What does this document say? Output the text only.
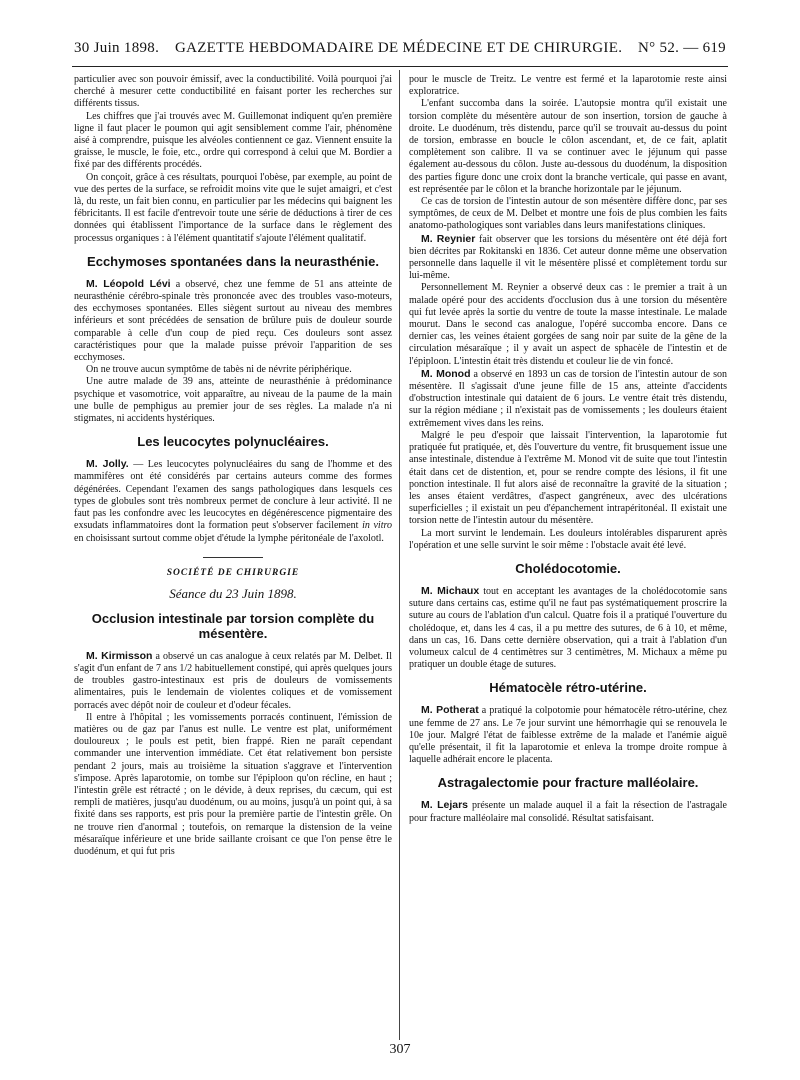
30 Juin 1898. GAZETTE HEBDOMADAIRE DE MÉDECINE ET DE CHIRURGIE. N° 52. — 619

particulier avec son pouvoir émissif, avec la conductibilité. Voilà pourquoi j'ai cherché à mesurer cette conductibilité en faisant porter les recherches sur différents tissus.

Les chiffres que j'ai trouvés avec M. Guillemonat indiquent qu'en première ligne il faut placer le poumon qui agit sensiblement comme l'air, phénomène aisé à comprendre, puisque les alvéoles contiennent ce gaz. Viennent ensuite la graisse, le muscle, le foie, etc., ordre qui correspond à celui que M. Bordier a fixé par des différents procédés.

On conçoit, grâce à ces résultats, pourquoi l'obèse, par exemple, au point de vue des pertes de la surface, se refroidit moins vite que le sujet amaigri, et c'est là, du reste, un fait bien connu, en particulier par les médecins qui baignent les fébricitants. Il est facile d'entrevoir toute une série de déductions à tirer de ces données qui établissent l'importance de la surface dans le règlement des processus organiques : à l'élément quantitatif s'ajoute l'élément qualitatif.

Ecchymoses spontanées dans la neurasthénie.

M. Léopold Lévi a observé, chez une femme de 51 ans atteinte de neurasthénie cérébro-spinale très prononcée avec des troubles vaso-moteurs, des ecchymoses spontanées. Elles siègent surtout au niveau des membres inférieurs et sont précédées de sensation de brûlure puis de douleur sourde comparable à celle d'un coup de pied reçu. Ces douleurs sont assez caractéristiques pour que la malade puisse prévoir l'apparition de ses ecchymoses.

On ne trouve aucun symptôme de tabès ni de névrite périphérique.

Une autre malade de 39 ans, atteinte de neurasthénie à prédominance psychique et vasomotrice, voit apparaître, au niveau de la paume de la main une bulle de pemphigus au premier jour de ses règles. La malade n'a ni stigmates, ni accidents hystériques.

Les leucocytes polynucléaires.

M. Jolly. — Les leucocytes polynucléaires du sang de l'homme et des mammifères ont été considérés par certains auteurs comme des formes dégénérées. Cependant l'examen des sangs pathologiques dans lesquels ces types de globules sont très nombreux permet de conclure à leur activité. Il ne faut pas les confondre avec les leucocytes en dégénérescence pigmentaire des exsudats inflammatoires dont la formation peut s'observer facilement in vitro en choisissant surtout comme objet d'étude la lymphe péritonéale de l'axolotl.

SOCIÉTÉ DE CHIRURGIE
Séance du 23 Juin 1898.
Occlusion intestinale par torsion complète du mésentère.

M. Kirmisson a observé un cas analogue à ceux relatés par M. Delbet. Il s'agit d'un enfant de 7 ans 1/2 habituellement constipé, qui après quelques jours de troubles gastro-intestinaux est pris de douleurs de vomissements alimentaires, puis le lendemain de violentes coliques et de vomissement porracés avec dépôt noir de couleur et d'odeur fécales.

Il entre à l'hôpital ; les vomissements porracés continuent, l'émission de matières ou de gaz par l'anus est nulle. Le ventre est plat, uniformément douloureux ; le pouls est petit, bien frappé. Rien ne paraît cependant commander une intervention immédiate. Cet état relativement bon persiste pendant 2 jours, mais au troisième la situation s'aggrave et l'intervention s'impose. Après laparotomie, on tombe sur l'épiploon qu'on récline, en haut ; l'intestin grêle est rétracté ; on le dévide, à deux reprises, du cæcum, qui est rempli de matières, jusqu'au duodénum, ou au moins, jusqu'à un point qui, à sa fixité dans ses rapports, est pris pour la première partie de l'intestin grêle. On ne trouve rien d'anormal ; toutefois, on remarque la distension de la veine mésaraïque inférieure et une bride saillante croisant ce que l'on pense être le duodénum, et qui fut pris

pour le muscle de Treitz. Le ventre est fermé et la laparotomie reste ainsi exploratrice.

L'enfant succomba dans la soirée. L'autopsie montra qu'il existait une torsion complète du mésentère autour de son insertion, torsion de gauche à droite. Le duodénum, très distendu, parce qu'il se trouvait au-dessus du point de torsion, embrasse en boucle le côlon ascendant, et, de ce fait, aplatit complètement son calibre. Il va se continuer avec le jéjunum qui passe également au-dessous du côlon. Juste au-dessous du duodénum, la disposition des parties figure donc une croix dont la branche verticale, qui passe en avant, est représentée par le côlon et la branche horizontale par le jéjunum.

Ce cas de torsion de l'intestin autour de son mésentère diffère donc, par ses symptômes, de ceux de M. Delbet et montre une fois de plus combien les faits anatomo-pathologiques sont variables dans leurs manifestations cliniques.

M. Reynier fait observer que les torsions du mésentère ont été déjà fort bien décrites par Rokitanski en 1836. Cet auteur donne même une observation personnelle dans laquelle il vit le mésentère plissé et complètement tordu sur lui-même.

Personnellement M. Reynier a observé deux cas : le premier a trait à un malade opéré pour des accidents d'occlusion dus à une torsion du mésentère qui fut levée après la sortie du ventre de toute la masse intestinale. Le malade mourut. Dans le second cas analogue, l'opéré succomba encore. Dans ce dernier cas, les veines étaient gorgées de sang noir par suite de la gêne de la circulation mésaraïque ; il y avait un aspect de sphacèle de l'intestin et de l'épiploon. L'intestin était très distendu et couleur lie de vin foncé.

M. Monod a observé en 1893 un cas de torsion de l'intestin autour de son mésentère. Il s'agissait d'une jeune fille de 15 ans, atteinte d'accidents d'obstruction intestinale qui dataient de 6 jours. Le ventre était très distendu, sur la région médiane ; il n'existait pas de vomissements ; les douleurs étaient extrêmement vives dans les reins.

Malgré le peu d'espoir que laissait l'intervention, la laparotomie fut pratiquée fut pratiquée, et, dès l'ouverture du ventre, fit brusquement issue une anse intestinale, distendue à l'extrême M. Monod vit de suite que tout l'intestin était dans cet de distention, et, pour se rendre compte des lésions, il fit une ponction intestinale. Il fut alors aisé de reconnaître la gravité de la situation ; les anses étaient verdâtres, d'aspect gangréneux, avec des ulcérations superficielles ; il existait un peu d'épanchement intrapéritonéal. Il existait une torsion nette de l'intestin autour du mésentère.

La mort survint le lendemain. Les douleurs intolérables disparurent après l'opération et une selle survint le soir même : l'obstacle avait été levé.

Cholédocotomie.

M. Michaux tout en acceptant les avantages de la cholédocotomie sans suture dans certains cas, estime qu'il ne faut pas systématiquement proscrire la suture au cours de l'ablation d'un calcul. Quatre fois il a pratiqué l'ouverture du cholédoque, et, dans les 4 cas, il a pu mettre des sutures, de 6 à 10, et même, dans un cas, 16. Dans cette dernière observation, qui a trait à l'ablation d'un volumeux calcul de 4 centimètres sur 3 centimètres, M. Michaux a même pu pratiquer un double étage de sutures.

Hématocèle rétro-utérine.

M. Potherat a pratiqué la colpotomie pour hématocèle rétro-utérine, chez une femme de 27 ans. Le 7e jour survint une hémorrhagie qui se renouvela le 10e jour. Malgré l'état de faiblesse extrême de la malade et l'anémie aiguë qu'elle présentait, il fit la laparotomie et enleva la trompe droite rompue à laquelle adhérait encore le placenta.

Astragalectomie pour fracture malléolaire.

M. Lejars présente un malade auquel il a fait la résection de l'astragale pour fracture malléolaire mal consolidé. Résultat satisfaisant.

307
